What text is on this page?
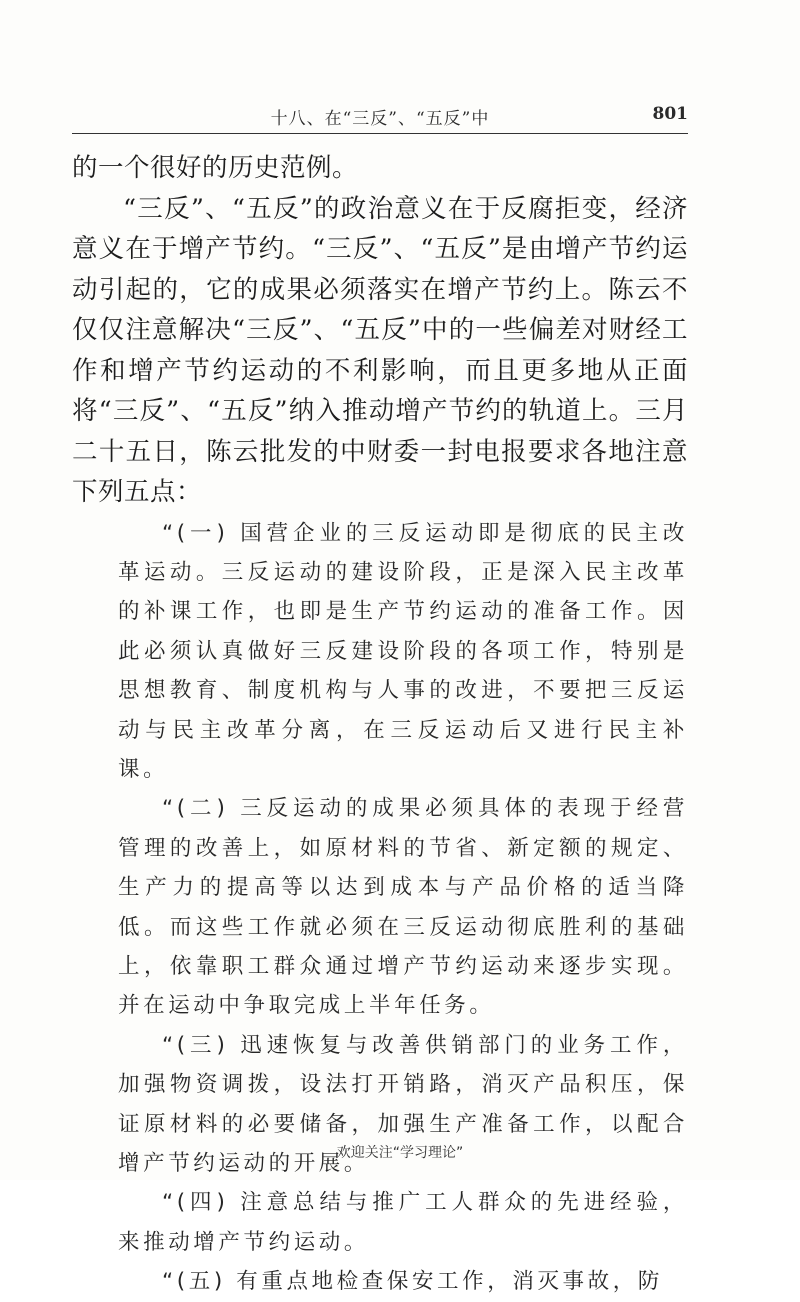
十八、在“三反”、“五反”中	801

的一个很好的历史范例。

“三反”、“五反”的政治意义在于反腐拒变，经济意义在于增产节约。“三反”、“五反”是由增产节约运动引起的，它的成果必须落实在增产节约上。陈云不仅仅注意解决“三反”、“五反”中的一些偏差对财经工作和增产节约运动的不利影响，而且更多地从正面将“三反”、“五反”纳入推动增产节约的轨道上。三月二十五日，陈云批发的中财委一封电报要求各地注意下列五点：

“(一) 国营企业的三反运动即是彻底的民主改革运动。三反运动的建设阶段，正是深入民主改革的补课工作，也即是生产节约运动的准备工作。因此必须认真做好三反建设阶段的各项工作，特别是思想教育、制度机构与人事的改进，不要把三反运动与民主改革分离，在三反运动后又进行民主补课。

“(二) 三反运动的成果必须具体的表现于经营管理的改善上，如原材料的节省、新定额的规定、生产力的提高等以达到成本与产品价格的适当降低。而这些工作就必须在三反运动彻底胜利的基础上，依靠职工群众通过增产节约运动来逐步实现。并在运动中争取完成上半年任务。

“(三) 迅速恢复与改善供销部门的业务工作，加强物资调拨，设法打开销路，消灭产品积压，保证原材料的必要储备，加强生产准备工作，以配合增产节约运动的开展。

“(四) 注意总结与推广工人群众的先进经验，来推动增产节约运动。

“(五) 有重点地检查保安工作，消灭事故，防

欢迎关注“学习理论”
